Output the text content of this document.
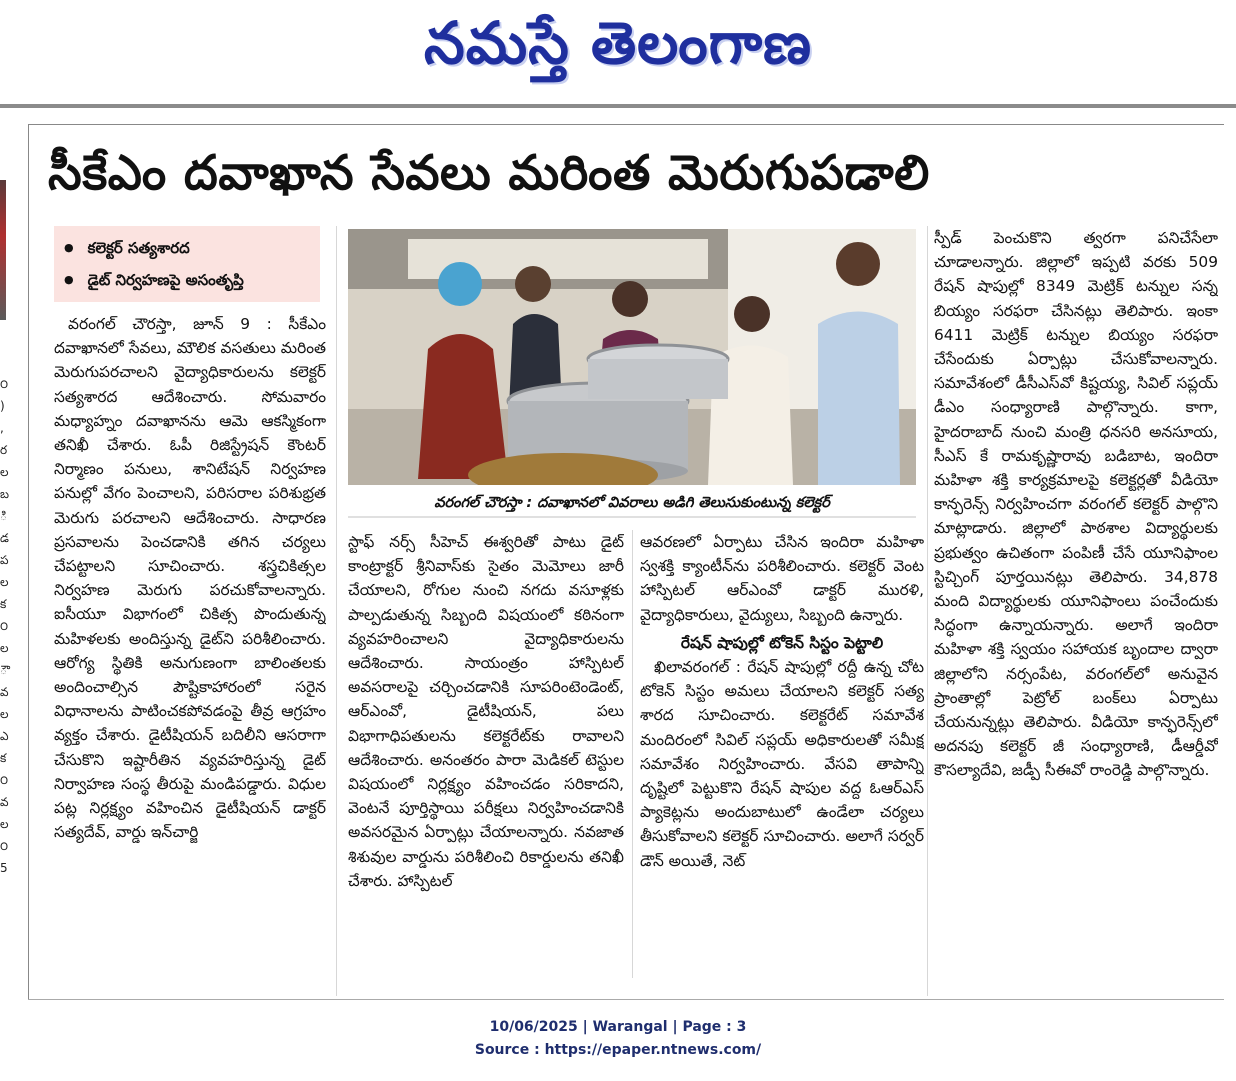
నమస్తే తెలంగాణ
౦
)
,
ర
ల
బ
ి
డ
ప
ల
క
౦
ల
ౌ
వ
ల
ఎ
క
౦
వ
ల
౦
5
సీకేఎం దవాఖాన సేవలు మరింత మెరుగుపడాలి
● కలెక్టర్ సత్యశారద
● డైట్ నిర్వహణపై అసంతృప్తి

వరంగల్ చౌరస్తా, జూన్ 9 : సీకేఎం దవాఖానలో సేవలు, మౌలిక వసతులు మరింత మెరుగుపరచాలని వైద్యాధికారులను కలెక్టర్ సత్యశారద ఆదేశించారు. సోమవారం మధ్యాహ్నం దవాఖానను ఆమె ఆకస్మికంగా తనిఖీ చేశారు. ఓపీ రిజిస్ట్రేషన్ కౌంటర్ నిర్మాణం పనులు, శానిటేషన్ నిర్వహణ పనుల్లో వేగం పెంచాలని, పరిసరాల పరిశుభ్రత మెరుగు పరచాలని ఆదేశించారు. సాధారణ ప్రసవాలను పెంచడానికి తగిన చర్యలు చేపట్టాలని సూచించారు. శస్త్రచికిత్సల నిర్వహణ మెరుగు పరచుకోవాలన్నారు. ఐసీయూ విభాగంలో చికిత్స పొందుతున్న మహిళలకు అందిస్తున్న డైట్‌ని పరిశీలించారు. ఆరోగ్య స్థితికి అనుగుణంగా బాలింతలకు అందించాల్సిన పౌష్టికాహారంలో సరైన విధానాలను పాటించకపోవడంపై తీవ్ర ఆగ్రహం వ్యక్తం చేశారు. డైటీషియన్ బదిలీని ఆసరాగా చేసుకొని ఇష్టారీతిన వ్యవహరిస్తున్న డైట్ నిర్వాహణ సంస్థ తీరుపై మండిపడ్డారు. విధుల పట్ల నిర్లక్ష్యం వహించిన డైటీషియన్ డాక్టర్ సత్యదేవ్, వార్డు ఇన్‌చార్జి

వరంగల్ చౌరస్తా : దవాఖానలో వివరాలు అడిగి తెలుసుకుంటున్న కలెక్టర్

స్టాఫ్ నర్స్ సీహెచ్ ఈశ్వరితో పాటు డైట్ కాంట్రాక్టర్ శ్రీనివాస్‌కు సైతం మెమోలు జారీ చేయాలని, రోగుల నుంచి నగదు వసూళ్లకు పాల్పడుతున్న సిబ్బంది విషయంలో కఠినంగా వ్యవహరించాలని వైద్యాధికారులను ఆదేశించారు. సాయంత్రం హాస్పిటల్ అవసరాలపై చర్చించడానికి సూపరింటెండెంట్, ఆర్‌ఎంవో, డైటీషియన్, పలు విభాగాధిపతులను కలెక్టరేట్‌కు రావాలని ఆదేశించారు. అనంతరం పారా మెడికల్ టెస్టుల విషయంలో నిర్లక్ష్యం వహించడం సరికాదని, వెంటనే పూర్తిస్థాయి పరీక్షలు నిర్వహించడానికి అవసరమైన ఏర్పాట్లు చేయాలన్నారు. నవజాత శిశువుల వార్డును పరిశీలించి రికార్డులను తనిఖీ చేశారు. హాస్పిటల్

ఆవరణలో ఏర్పాటు చేసిన ఇందిరా మహిళా స్వశక్తి క్యాంటీన్‌ను పరిశీలించారు. కలెక్టర్ వెంట హాస్పిటల్ ఆర్‌ఎంవో డాక్టర్ మురళి, వైద్యాధికారులు, వైద్యులు, సిబ్బంది ఉన్నారు.

రేషన్ షాపుల్లో టోకెన్ సిస్టం పెట్టాలి

ఖిలావరంగల్ : రేషన్ షాపుల్లో రద్దీ ఉన్న చోట టోకెన్ సిస్టం అమలు చేయాలని కలెక్టర్ సత్య శారద సూచించారు. కలెక్టరేట్ సమావేశ మందిరంలో సివిల్ సప్లయ్ అధికారులతో సమీక్ష సమావేశం నిర్వహించారు. వేసవి తాపాన్ని దృష్టిలో పెట్టుకొని రేషన్ షాపుల వద్ద ఓఆర్ఎస్ ప్యాకెట్లను అందుబాటులో ఉండేలా చర్యలు తీసుకోవాలని కలెక్టర్ సూచించారు. అలాగే సర్వర్ డౌన్ అయితే, నెట్

స్పీడ్ పెంచుకొని త్వరగా పనిచేసేలా చూడాలన్నారు. జిల్లాలో ఇప్పటి వరకు 509 రేషన్ షాపుల్లో 8349 మెట్రిక్ టన్నుల సన్న బియ్యం సరఫరా చేసినట్లు తెలిపారు. ఇంకా 6411 మెట్రిక్ టన్నుల బియ్యం సరఫరా చేసేందుకు ఏర్పాట్లు చేసుకోవాలన్నారు. సమావేశంలో డీసీఎస్‌వో కిష్టయ్య, సివిల్ సప్లయ్ డీఎం సంధ్యారాణి పాల్గొన్నారు. కాగా, హైదరాబాద్ నుంచి మంత్రి ధనసరి అనసూయ, సీఎస్ కే రామకృష్ణారావు బడిబాట, ఇందిరా మహిళా శక్తి కార్యక్రమాలపై కలెక్టర్లతో వీడియో కాన్ఫరెన్స్ నిర్వహించగా వరంగల్ కలెక్టర్ పాల్గొని మాట్లాడారు. జిల్లాలో పాఠశాల విద్యార్థులకు ప్రభుత్వం ఉచితంగా పంపిణీ చేసే యూనిఫాంల స్టిచ్చింగ్ పూర్తయినట్లు తెలిపారు. 34,878 మంది విద్యార్థులకు యూనిఫాంలు పంచేందుకు సిద్ధంగా ఉన్నాయన్నారు. అలాగే ఇందిరా మహిళా శక్తి స్వయం సహాయక బృందాల ద్వారా జిల్లాలోని నర్సంపేట, వరంగల్‌లో అనువైన ప్రాంతాల్లో పెట్రోల్ బంక్‌లు ఏర్పాటు చేయనున్నట్లు తెలిపారు. వీడియో కాన్ఫరెన్స్‌లో అదనపు కలెక్టర్ జీ సంధ్యారాణి, డీఆర్డీవో కౌసల్యాదేవి, జడ్పీ సీఈవో రాంరెడ్డి పాల్గొన్నారు.

10/06/2025 | Warangal | Page : 3
Source : https://epaper.ntnews.com/
